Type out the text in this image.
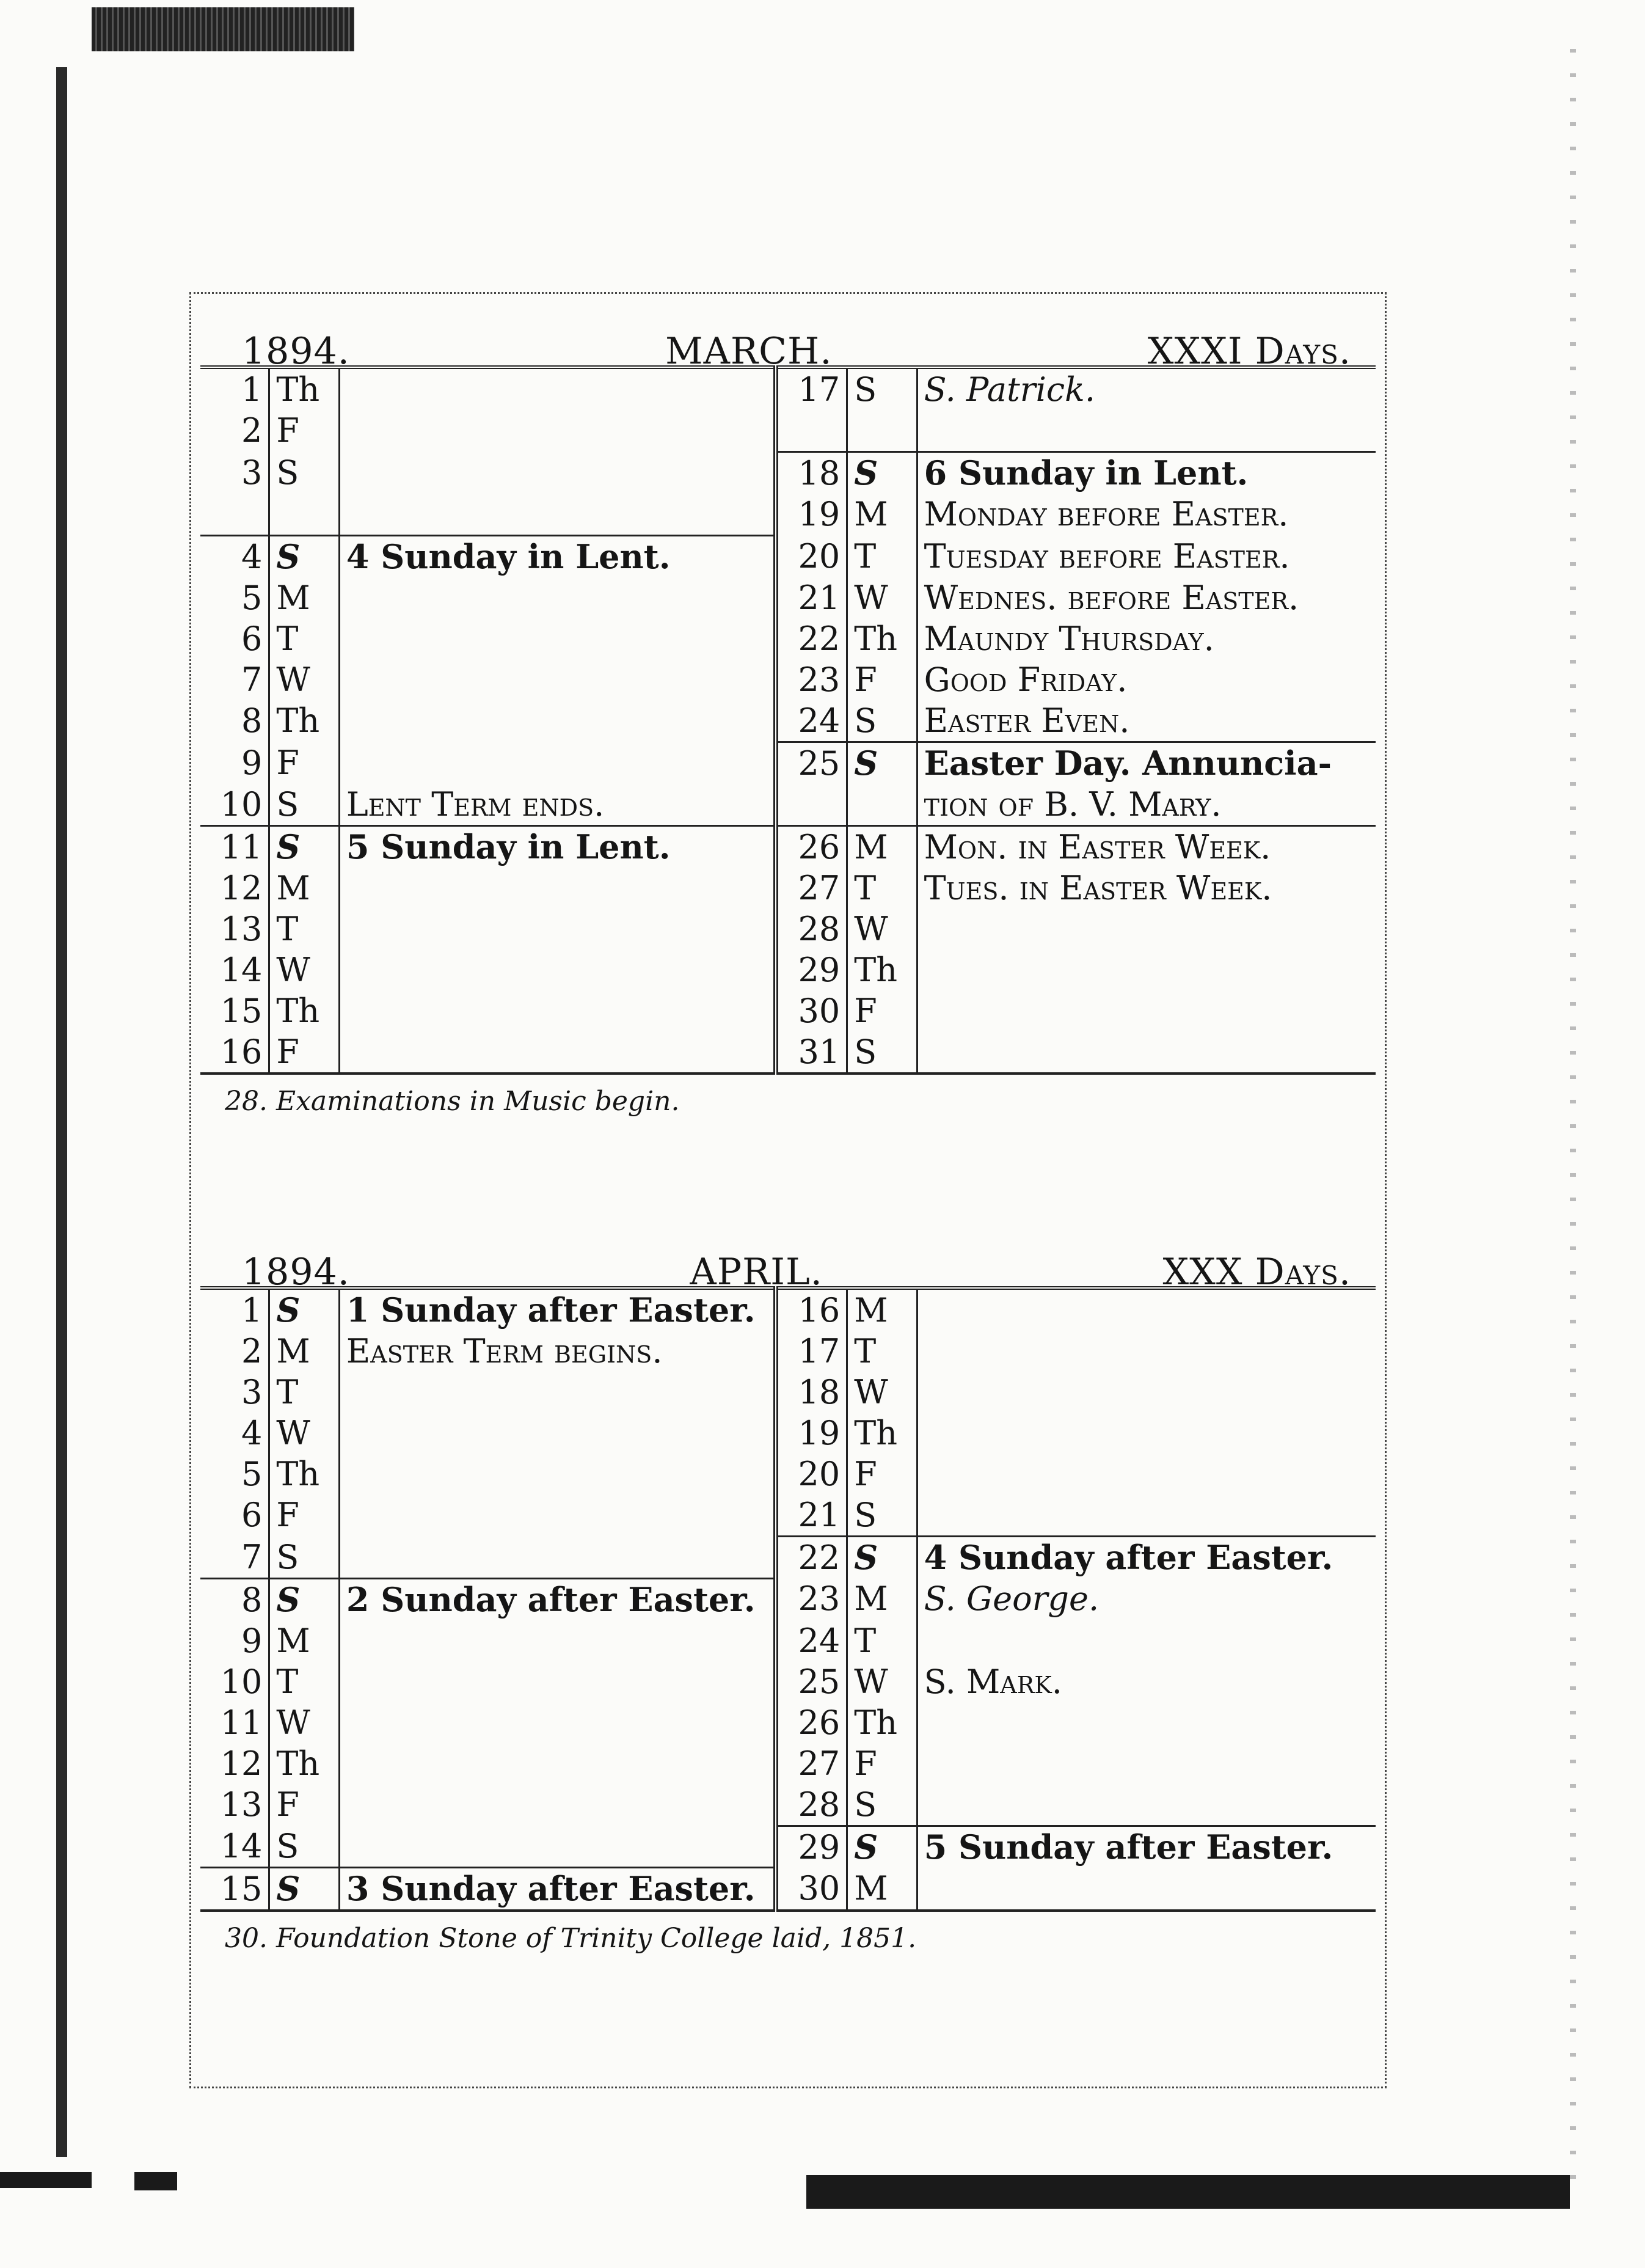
1894.	MARCH.	XXXI Days.
1	Th		17	S	S. Patrick.
2	F				
3	S		18	S	6 Sunday in Lent.
			19	M	Monday before Easter.
4	S	4 Sunday in Lent.	20	T	Tuesday before Easter.
5	M		21	W	Wednes. before Easter.
6	T		22	Th	Maundy Thursday.
7	W		23	F	Good Friday.
8	Th		24	S	Easter Even.
9	F		25	S	Easter Day. Annuncia-
10	S	Lent Term ends.			tion of B. V. Mary.
11	S	5 Sunday in Lent.	26	M	Mon. in Easter Week.
12	M		27	T	Tues. in Easter Week.
13	T		28	W	
14	W		29	Th	
15	Th		30	F	
16	F		31	S	
28. Examinations in Music begin.
1894.	APRIL.	XXX Days.
1	S	1 Sunday after Easter.	16	M	
2	M	Easter Term begins.	17	T	
3	T		18	W	
4	W		19	Th	
5	Th		20	F	
6	F		21	S	
7	S		22	S	4 Sunday after Easter.
8	S	2 Sunday after Easter.	23	M	S. George.
9	M		24	T	
10	T		25	W	S. Mark.
11	W		26	Th	
12	Th		27	F	
13	F		28	S	
14	S		29	S	5 Sunday after Easter.
15	S	3 Sunday after Easter.	30	M	
30. Foundation Stone of Trinity College laid, 1851.
